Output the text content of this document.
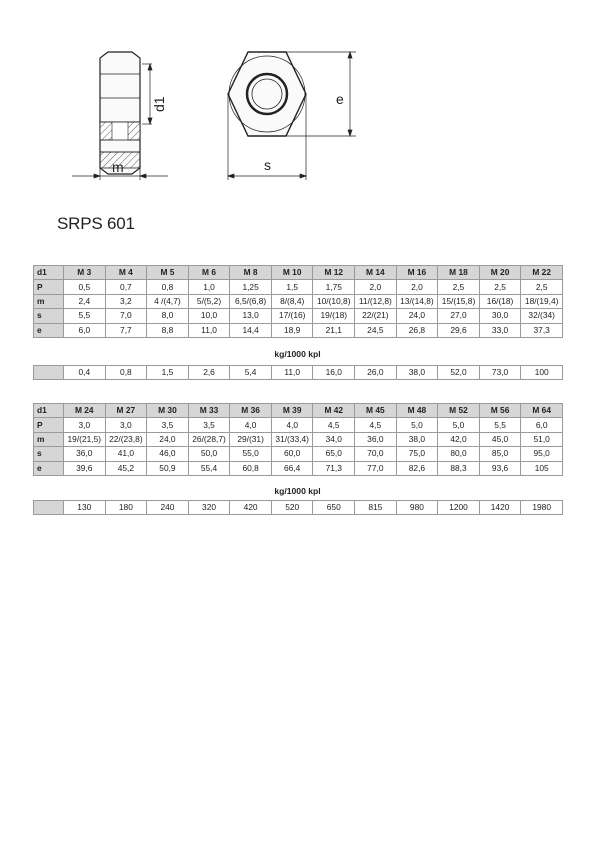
d1
m	s
e
SRPS 601
d1	M 3	M 4	M 5	M 6	M 8	M 10	M 12	M 14	M 16	M 18	M 20	M 22
P	0,5	0,7	0,8	1,0	1,25	1,5	1,75	2,0	2,0	2,5	2,5	2,5
m	2,4	3,2	4 /(4,7)	5/(5,2)	6,5/(6,8)	8/(8,4)	10/(10,8)	11/(12,8)	13/(14,8)	15/(15,8)	16/(18)	18/(19,4)
s	5,5	7,0	8,0	10,0	13,0	17/(16)	19/(18)	22/(21)	24,0	27,0	30,0	32/(34)
e	6,0	7,7	8,8	11,0	14,4	18,9	21,1	24,5	26,8	29,6	33,0	37,3
kg/1000 kpl
	0,4	0,8	1,5	2,6	5,4	11,0	16,0	26,0	38,0	52,0	73,0	100
d1	M 24	M 27	M 30	M 33	M 36	M 39	M 42	M 45	M 48	M 52	M 56	M 64
P	3,0	3,0	3,5	3,5	4,0	4,0	4,5	4,5	5,0	5,0	5,5	6,0
m	19/(21,5)	22/(23,8)	24,0	26/(28,7)	29/(31)	31/(33,4)	34,0	36,0	38,0	42,0	45,0	51,0
s	36,0	41,0	46,0	50,0	55,0	60,0	65,0	70,0	75,0	80,0	85,0	95,0
e	39,6	45,2	50,9	55,4	60,8	66,4	71,3	77,0	82,6	88,3	93,6	105
kg/1000 kpl
	130	180	240	320	420	520	650	815	980	1200	1420	1980
